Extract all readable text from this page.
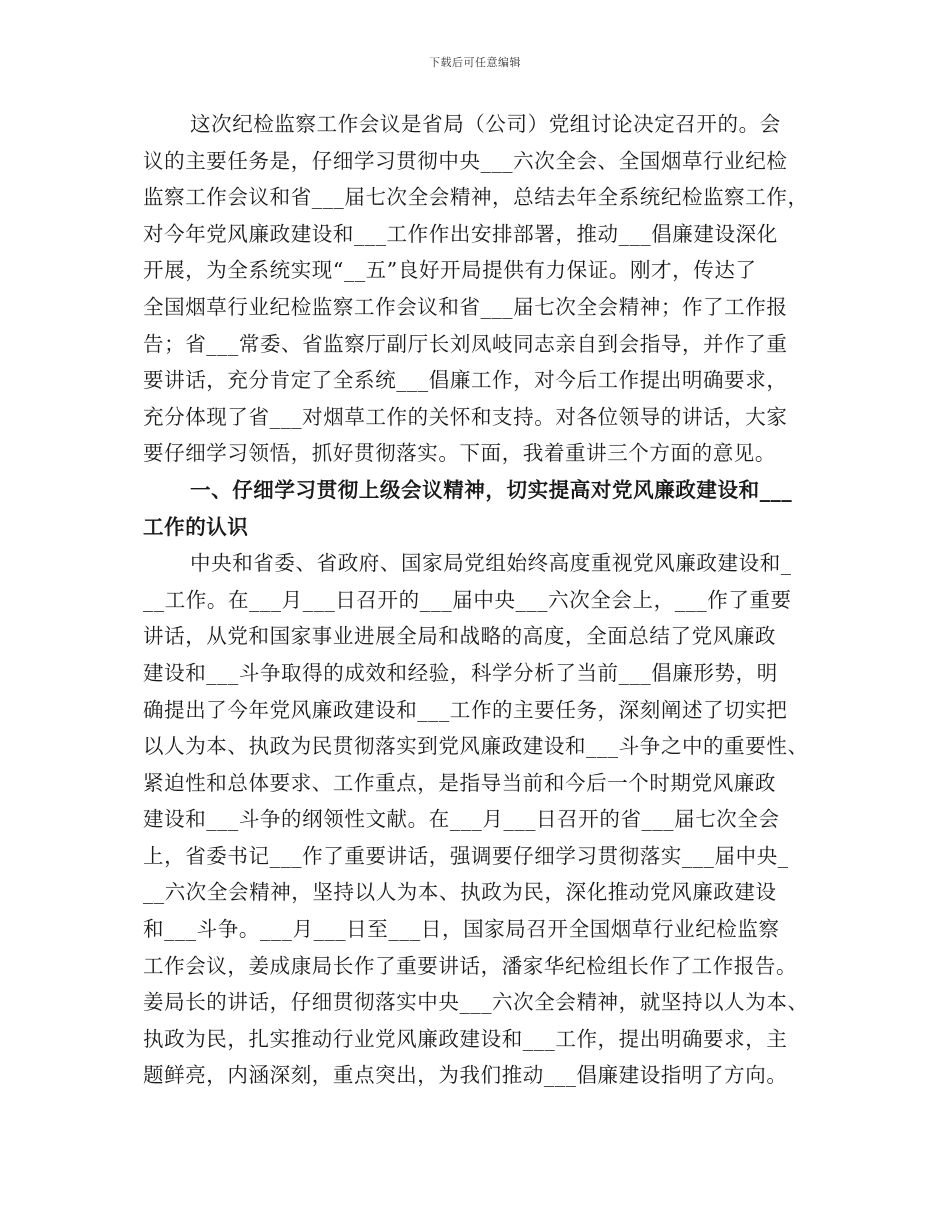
下载后可任意编辑
这次纪检监察工作会议是省局（公司）党组讨论决定召开的。会
议的主要任务是，仔细学习贯彻中央___六次全会、全国烟草行业纪检
监察工作会议和省___届七次全会精神，总结去年全系统纪检监察工作，
对今年党风廉政建设和___工作作出安排部署，推动___倡廉建设深化
开展，为全系统实现“__五”良好开局提供有力保证。刚才，传达了
全国烟草行业纪检监察工作会议和省___届七次全会精神；作了工作报
告；省___常委、省监察厅副厅长刘凤岐同志亲自到会指导，并作了重
要讲话，充分肯定了全系统___倡廉工作，对今后工作提出明确要求，
充分体现了省___对烟草工作的关怀和支持。对各位领导的讲话，大家
要仔细学习领悟，抓好贯彻落实。下面，我着重讲三个方面的意见。
一、仔细学习贯彻上级会议精神，切实提高对党风廉政建设和___
工作的认识
中央和省委、省政府、国家局党组始终高度重视党风廉政建设和_
__工作。在___月___日召开的___届中央___六次全会上，___作了重要
讲话，从党和国家事业进展全局和战略的高度，全面总结了党风廉政
建设和___斗争取得的成效和经验，科学分析了当前___倡廉形势，明
确提出了今年党风廉政建设和___工作的主要任务，深刻阐述了切实把
以人为本、执政为民贯彻落实到党风廉政建设和___斗争之中的重要性、
紧迫性和总体要求、工作重点，是指导当前和今后一个时期党风廉政
建设和___斗争的纲领性文献。在___月___日召开的省___届七次全会
上，省委书记___作了重要讲话，强调要仔细学习贯彻落实___届中央_
__六次全会精神，坚持以人为本、执政为民，深化推动党风廉政建设
和___斗争。___月___日至___日，国家局召开全国烟草行业纪检监察
工作会议，姜成康局长作了重要讲话，潘家华纪检组长作了工作报告。
姜局长的讲话，仔细贯彻落实中央___六次全会精神，就坚持以人为本、
执政为民，扎实推动行业党风廉政建设和___工作，提出明确要求，主
题鲜亮，内涵深刻，重点突出，为我们推动___倡廉建设指明了方向。
